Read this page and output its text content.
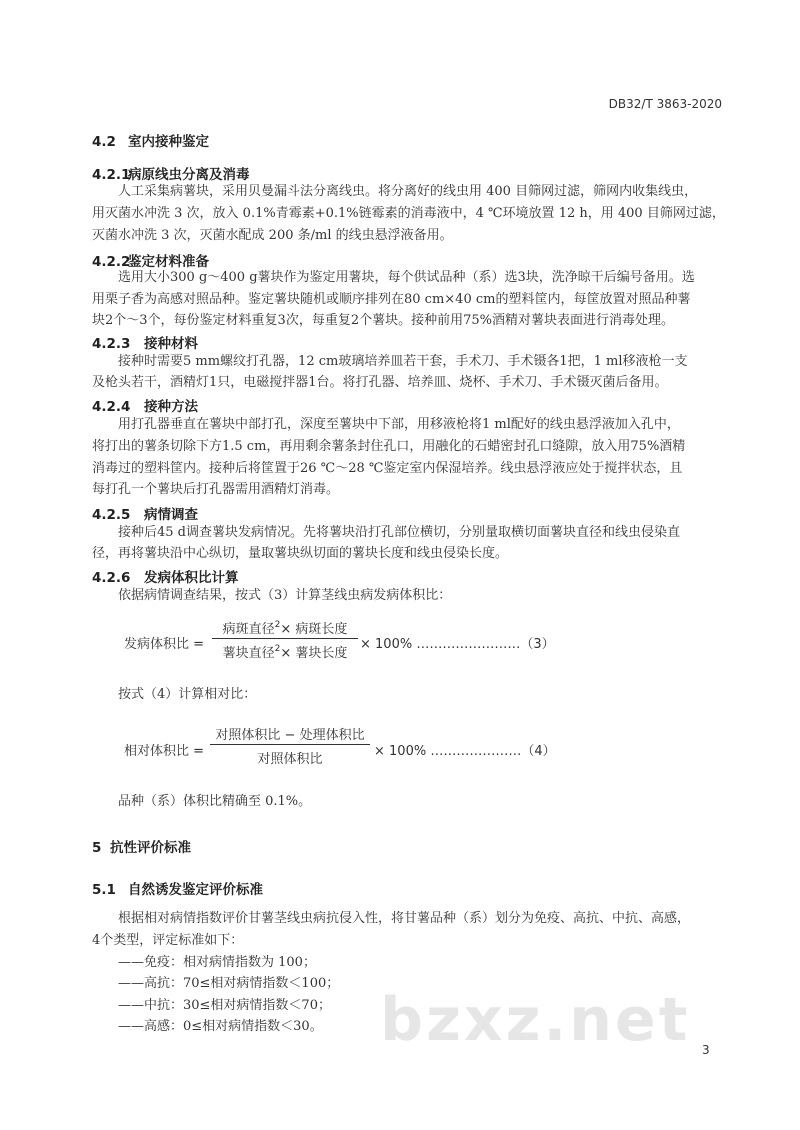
DB32/T 3863-2020
4.2 室内接种鉴定
4.2.1病原线虫分离及消毒
人工采集病薯块，采用贝曼漏斗法分离线虫。将分离好的线虫用 400 目筛网过滤，筛网内收集线虫，
用灭菌水冲洗 3 次，放入 0.1%青霉素+0.1%链霉素的消毒液中，4 ℃环境放置 12 h，用 400 目筛网过滤，
灭菌水冲洗 3 次，灭菌水配成 200 条/ml 的线虫悬浮液备用。
4.2.2鉴定材料准备
选用大小300 g～400 g薯块作为鉴定用薯块，每个供试品种（系）选3块，洗净晾干后编号备用。选
用栗子香为高感对照品种。鉴定薯块随机或顺序排列在80 cm×40 cm的塑料筐内，每筐放置对照品种薯
块2个～3个，每份鉴定材料重复3次，每重复2个薯块。接种前用75%酒精对薯块表面进行消毒处理。
4.2.3 接种材料
接种时需要5 mm螺纹打孔器，12 cm玻璃培养皿若干套，手术刀、手术镊各1把，1 ml移液枪一支
及枪头若干，酒精灯1只，电磁搅拌器1台。将打孔器、培养皿、烧杯、手术刀、手术镊灭菌后备用。
4.2.4 接种方法
用打孔器垂直在薯块中部打孔，深度至薯块中下部，用移液枪将1 ml配好的线虫悬浮液加入孔中，
将打出的薯条切除下方1.5 cm，再用剩余薯条封住孔口，用融化的石蜡密封孔口缝隙，放入用75%酒精
消毒过的塑料筐内。接种后将筐置于26 ℃～28 ℃鉴定室内保湿培养。线虫悬浮液应处于搅拌状态，且
每打孔一个薯块后打孔器需用酒精灯消毒。
4.2.5 病情调查
接种后45 d调查薯块发病情况。先将薯块沿打孔部位横切，分别量取横切面薯块直径和线虫侵染直
径，再将薯块沿中心纵切，量取薯块纵切面的薯块长度和线虫侵染长度。
4.2.6 发病体积比计算
依据病情调查结果，按式（3）计算茎线虫病发病体积比：
发病体积比 =
病斑直径$^2$× 病斑长度
薯块直径$^2$× 薯块长度
× 100% ……………………（3）
按式（4）计算相对比：
相对体积比 =
对照体积比 − 处理体积比
对照体积比
× 100% …………………（4）
品种（系）体积比精确至 0.1%。
5 抗性评价标准
5.1 自然诱发鉴定评价标准
根据相对病情指数评价甘薯茎线虫病抗侵入性，将甘薯品种（系）划分为免疫、高抗、中抗、高感，
4个类型，评定标准如下：
——免疫：相对病情指数为 100；
——高抗：70≤相对病情指数＜100；
——中抗：30≤相对病情指数＜70；
——高感：0≤相对病情指数＜30。 bzxz.net 3
